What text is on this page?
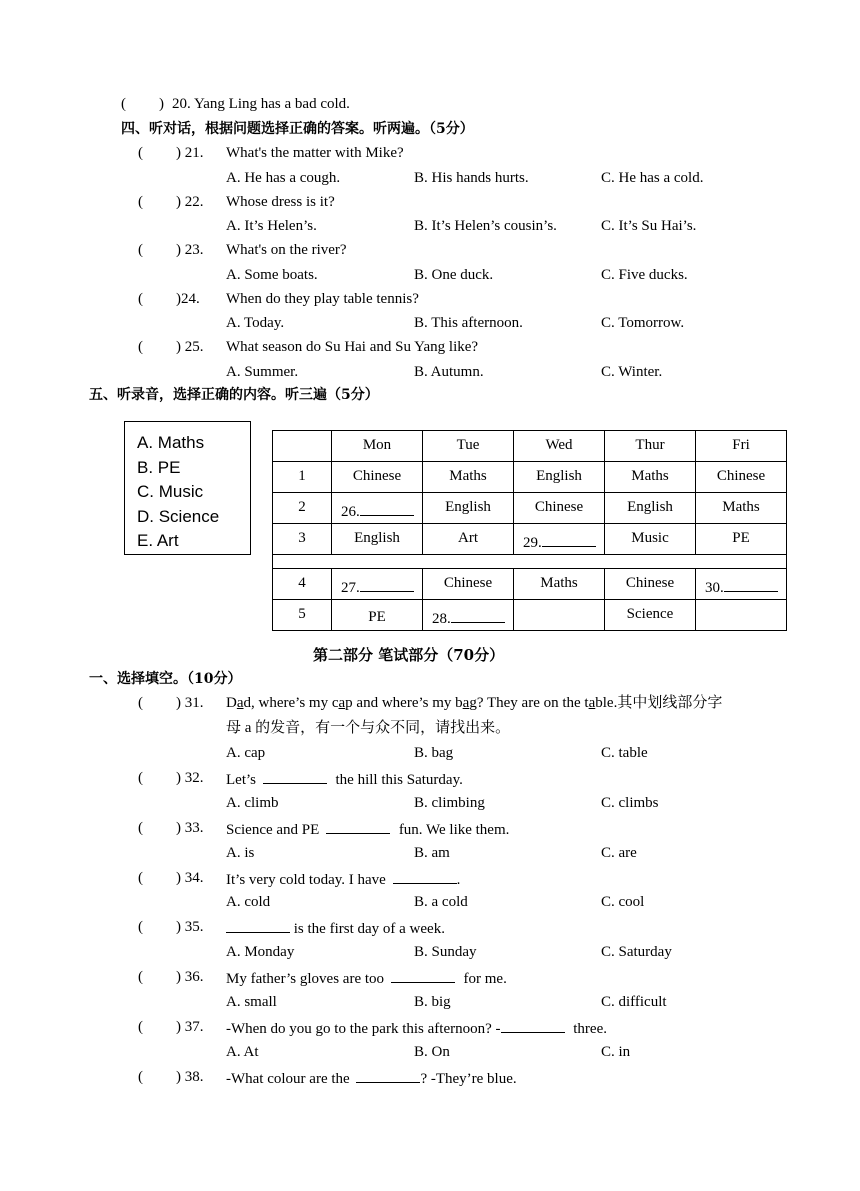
( ) 20. Yang Ling has a bad cold.
四、听对话，根据问题选择正确的答案。听两遍。（5分）
( ) 21. What's the matter with Mike?
A. He has a cough.	B. His hands hurts.	C. He has a cold.
( ) 22. Whose dress is it?
A. It’s Helen’s.	B. It’s Helen’s cousin’s.	C. It’s Su Hai’s.
( ) 23. What's on the river?
A. Some boats.	B. One duck.	C. Five ducks.
( )24. When do they play table tennis?
A. Today.	B. This afternoon.	C. Tomorrow.
( ) 25. What season do Su Hai and Su Yang like?
A. Summer.	B. Autumn.	C. Winter.
五、听录音，选择正确的内容。听三遍（5分）
A. Maths
B. PE
C. Music
D. Science
E. Art
	Mon	Tue	Wed	Thur	Fri
1	Chinese	Maths	English	Maths	Chinese
2	26.	English	Chinese	English	Maths
3	English	Art	29.	Music	PE

4	27.	Chinese	Maths	Chinese	30.
5	PE	28.		Science	
第二部分 笔试部分（70分）
一、选择填空。（10分）
( ) 31. Dad, where’s my cap and where’s my bag? They are on the table.其中划线部分字
母 a 的发音，有一个与众不同，请找出来。
A. cap	B. bag	C. table
( ) 32. Let’s	the hill this Saturday.
A. climb	B. climbing	C. climbs
( ) 33. Science and PE	fun. We like them.
A. is	B. am	C. are
( ) 34. It’s very cold today. I have	.
A. cold	B. a cold	C. cool
( ) 35.	is the first day of a week.
A. Monday	B. Sunday	C. Saturday
( ) 36. My father’s gloves are too	for me.
A. small	B. big	C. difficult
( ) 37. -When do you go to the park this afternoon? -	three.
A. At	B. On	C. in
( ) 38. -What colour are the	? -They’re blue.
